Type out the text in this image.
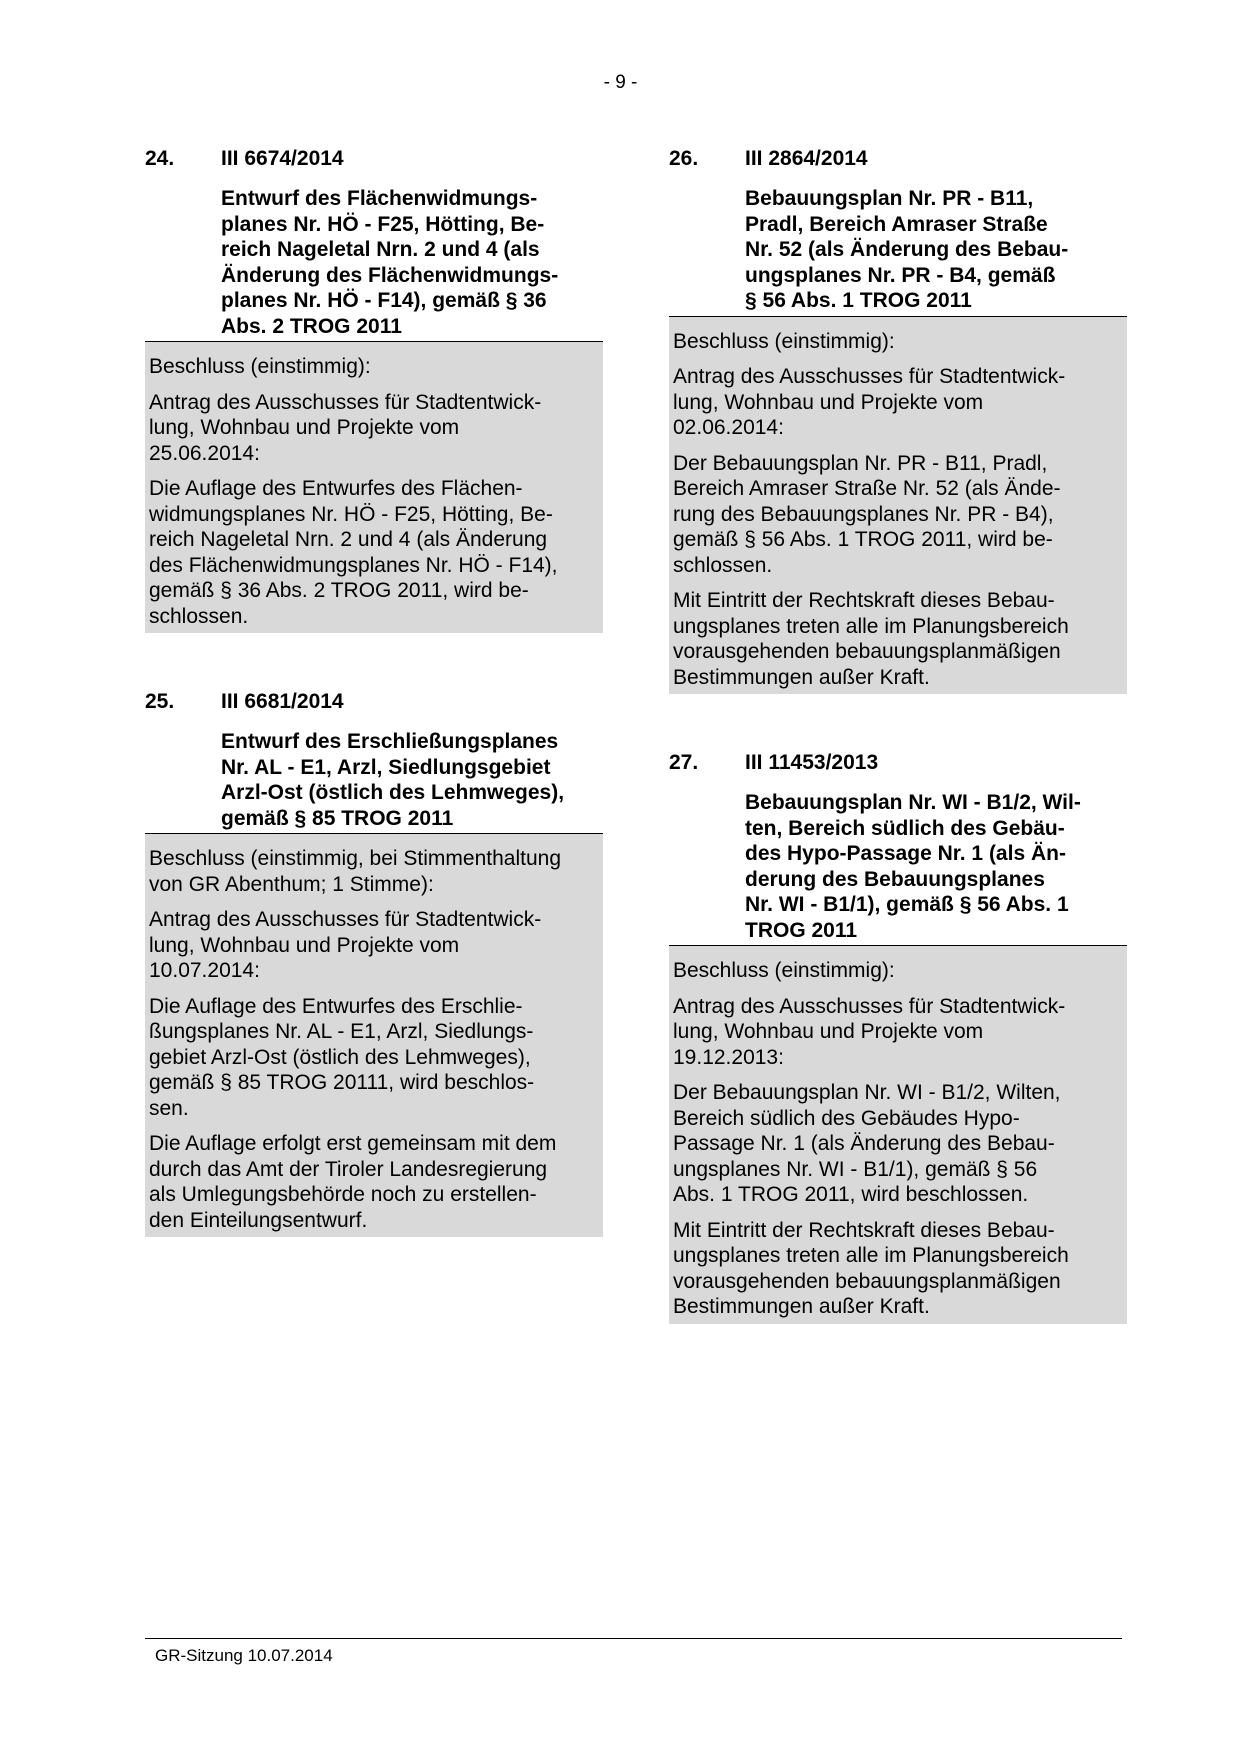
- 9 -
24.	III 6674/2014
Entwurf des Flächenwidmungs-
planes Nr. HÖ - F25, Hötting, Be-
reich Nageletal Nrn. 2 und 4 (als
Änderung des Flächenwidmungs-
planes Nr. HÖ - F14), gemäß § 36
Abs. 2 TROG 2011

Beschluss (einstimmig):

Antrag des Ausschusses für Stadtentwick-
lung, Wohnbau und Projekte vom
25.06.2014:

Die Auflage des Entwurfes des Flächen-
widmungsplanes Nr. HÖ - F25, Hötting, Be-
reich Nageletal Nrn. 2 und 4 (als Änderung
des Flächenwidmungsplanes Nr. HÖ - F14),
gemäß § 36 Abs. 2 TROG 2011, wird be-
schlossen.

25.	III 6681/2014
Entwurf des Erschließungsplanes
Nr. AL - E1, Arzl, Siedlungsgebiet
Arzl-Ost (östlich des Lehmweges),
gemäß § 85 TROG 2011

Beschluss (einstimmig, bei Stimmenthaltung
von GR Abenthum; 1 Stimme):

Antrag des Ausschusses für Stadtentwick-
lung, Wohnbau und Projekte vom
10.07.2014:

Die Auflage des Entwurfes des Erschlie-
ßungsplanes Nr. AL - E1, Arzl, Siedlungs-
gebiet Arzl-Ost (östlich des Lehmweges),
gemäß § 85 TROG 20111, wird beschlos-
sen.

Die Auflage erfolgt erst gemeinsam mit dem
durch das Amt der Tiroler Landesregierung
als Umlegungsbehörde noch zu erstellen-
den Einteilungsentwurf.

26.	III 2864/2014
Bebauungsplan Nr. PR - B11,
Pradl, Bereich Amraser Straße
Nr. 52 (als Änderung des Bebau-
ungsplanes Nr. PR - B4, gemäß
§ 56 Abs. 1 TROG 2011

Beschluss (einstimmig):

Antrag des Ausschusses für Stadtentwick-
lung, Wohnbau und Projekte vom
02.06.2014:

Der Bebauungsplan Nr. PR - B11, Pradl,
Bereich Amraser Straße Nr. 52 (als Ände-
rung des Bebauungsplanes Nr. PR - B4),
gemäß § 56 Abs. 1 TROG 2011, wird be-
schlossen.

Mit Eintritt der Rechtskraft dieses Bebau-
ungsplanes treten alle im Planungsbereich
vorausgehenden bebauungsplanmäßigen
Bestimmungen außer Kraft.

27.	III 11453/2013
Bebauungsplan Nr. WI - B1/2, Wil-
ten, Bereich südlich des Gebäu-
des Hypo-Passage Nr. 1 (als Än-
derung des Bebauungsplanes
Nr. WI - B1/1), gemäß § 56 Abs. 1
TROG 2011

Beschluss (einstimmig):

Antrag des Ausschusses für Stadtentwick-
lung, Wohnbau und Projekte vom
19.12.2013:

Der Bebauungsplan Nr. WI - B1/2, Wilten,
Bereich südlich des Gebäudes Hypo-
Passage Nr. 1 (als Änderung des Bebau-
ungsplanes Nr. WI - B1/1), gemäß § 56
Abs. 1 TROG 2011, wird beschlossen.

Mit Eintritt der Rechtskraft dieses Bebau-
ungsplanes treten alle im Planungsbereich
vorausgehenden bebauungsplanmäßigen
Bestimmungen außer Kraft.

GR-Sitzung 10.07.2014
